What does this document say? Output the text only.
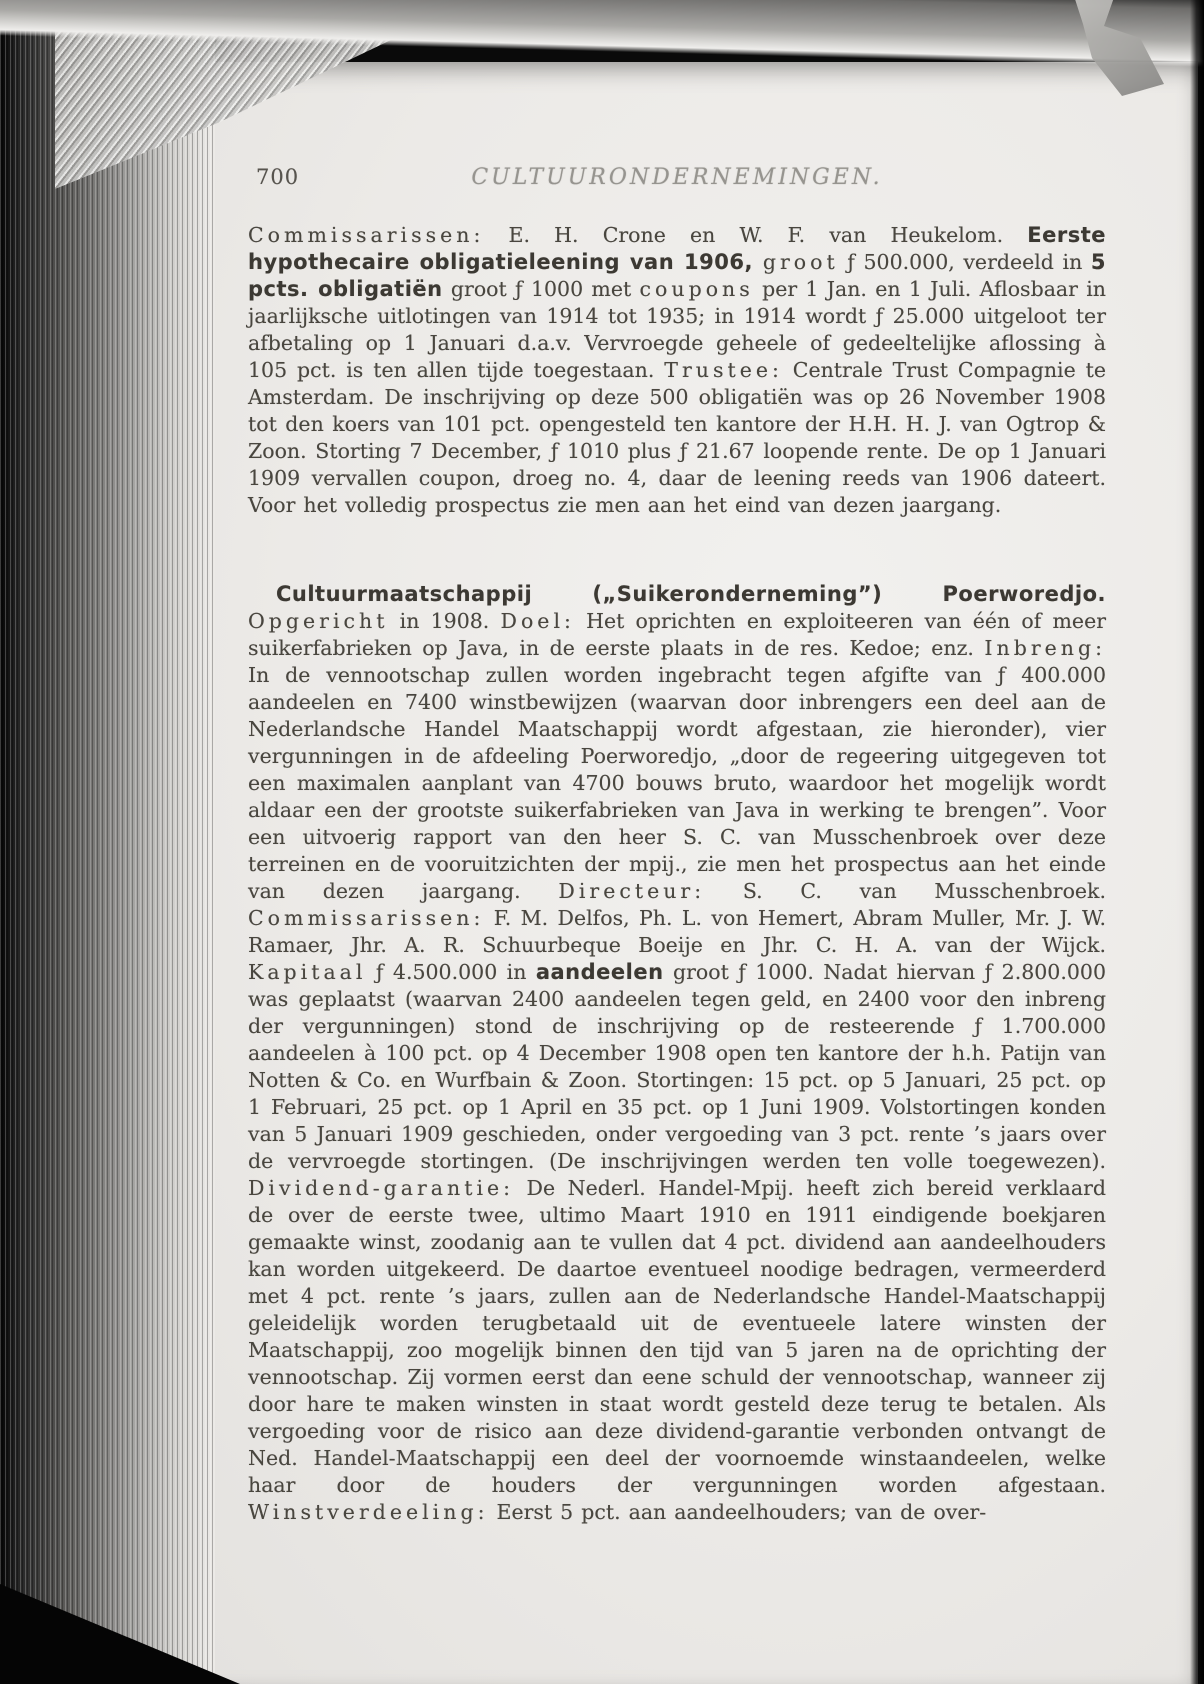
700	CULTUURONDERNEMINGEN.

Commissarissen: E. H. Crone en W. F. van Heukelom. Eerste hypothecaire obligatieleening van 1906, groot ƒ 500.000, verdeeld in 5 pcts. obligatiën groot ƒ 1000 met coupons per 1 Jan. en 1 Juli. Aflosbaar in jaarlijksche uitlotingen van 1914 tot 1935; in 1914 wordt ƒ 25.000 uitgeloot ter afbetaling op 1 Januari d.a.v. Vervroegde geheele of gedeeltelijke aflossing à 105 pct. is ten allen tijde toegestaan. Trustee: Centrale Trust Compagnie te Amsterdam. De inschrijving op deze 500 obligatiën was op 26 November 1908 tot den koers van 101 pct. opengesteld ten kantore der H.H. H. J. van Ogtrop & Zoon. Storting 7 December, ƒ 1010 plus ƒ 21.67 loopende rente. De op 1 Januari 1909 vervallen coupon, droeg no. 4, daar de leening reeds van 1906 dateert. Voor het volledig prospectus zie men aan het eind van dezen jaargang.

Cultuurmaatschappij („Suikeronderneming”) Poerworedjo. Opgericht in 1908. Doel: Het oprichten en exploiteeren van één of meer suikerfabrieken op Java, in de eerste plaats in de res. Kedoe; enz. Inbreng: In de vennootschap zullen worden ingebracht tegen afgifte van ƒ 400.000 aandeelen en 7400 winstbewijzen (waarvan door inbrengers een deel aan de Nederlandsche Handel Maatschappij wordt afgestaan, zie hieronder), vier vergunningen in de afdeeling Poerworedjo, „door de regeering uitgegeven tot een maximalen aanplant van 4700 bouws bruto, waardoor het mogelijk wordt aldaar een der grootste suikerfabrieken van Java in werking te brengen”. Voor een uitvoerig rapport van den heer S. C. van Musschenbroek over deze terreinen en de vooruitzichten der mpij., zie men het prospectus aan het einde van dezen jaargang. Directeur: S. C. van Musschenbroek. Commissarissen: F. M. Delfos, Ph. L. von Hemert, Abram Muller, Mr. J. W. Ramaer, Jhr. A. R. Schuurbeque Boeije en Jhr. C. H. A. van der Wijck. Kapitaal ƒ 4.500.000 in aandeelen groot ƒ 1000. Nadat hiervan ƒ 2.800.000 was geplaatst (waarvan 2400 aandeelen tegen geld, en 2400 voor den inbreng der vergunningen) stond de inschrijving op de resteerende ƒ 1.700.000 aandeelen à 100 pct. op 4 December 1908 open ten kantore der h.h. Patijn van Notten & Co. en Wurfbain & Zoon. Stortingen: 15 pct. op 5 Januari, 25 pct. op 1 Februari, 25 pct. op 1 April en 35 pct. op 1 Juni 1909. Volstortingen konden van 5 Januari 1909 geschieden, onder vergoeding van 3 pct. rente ’s jaars over de vervroegde stortingen. (De inschrijvingen werden ten volle toegewezen). Dividend-garantie: De Nederl. Handel-Mpij. heeft zich bereid verklaard de over de eerste twee, ultimo Maart 1910 en 1911 eindigende boekjaren gemaakte winst, zoodanig aan te vullen dat 4 pct. dividend aan aandeelhouders kan worden uitgekeerd. De daartoe eventueel noodige bedragen, vermeerderd met 4 pct. rente ’s jaars, zullen aan de Nederlandsche Handel-Maatschappij geleidelijk worden terugbetaald uit de eventueele latere winsten der Maatschappij, zoo mogelijk binnen den tijd van 5 jaren na de oprichting der vennootschap. Zij vormen eerst dan eene schuld der vennootschap, wanneer zij door hare te maken winsten in staat wordt gesteld deze terug te betalen. Als vergoeding voor de risico aan deze dividend-garantie verbonden ontvangt de Ned. Handel-Maatschappij een deel der voornoemde winstaandeelen, welke haar door de houders der vergunningen worden afgestaan. Winstverdeeling: Eerst 5 pct. aan aandeelhouders; van de over-
